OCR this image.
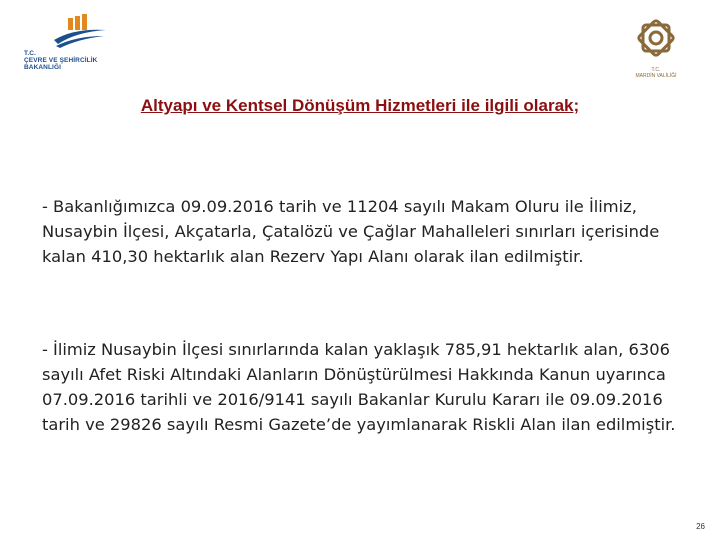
T.C.
ÇEVRE VE ŞEHİRCİLİK
BAKANLIĞI	T.C.
MARDİN VALİLİĞİ
Altyapı ve Kentsel Dönüşüm Hizmetleri ile ilgili olarak;
- Bakanlığımızca 09.09.2016 tarih ve 11204 sayılı Makam Oluru ile İlimiz, Nusaybin İlçesi, Akçatarla, Çatalözü ve Çağlar Mahalleleri sınırları içerisinde kalan 410,30 hektarlık alan Rezerv Yapı Alanı olarak ilan edilmiştir.
- İlimiz Nusaybin İlçesi sınırlarında kalan yaklaşık 785,91 hektarlık alan, 6306 sayılı Afet Riski Altındaki Alanların Dönüştürülmesi Hakkında Kanun uyarınca 07.09.2016 tarihli ve 2016/9141 sayılı Bakanlar Kurulu Kararı ile 09.09.2016 tarih ve 29826 sayılı Resmi Gazete’de yayımlanarak Riskli Alan ilan edilmiştir.
26
